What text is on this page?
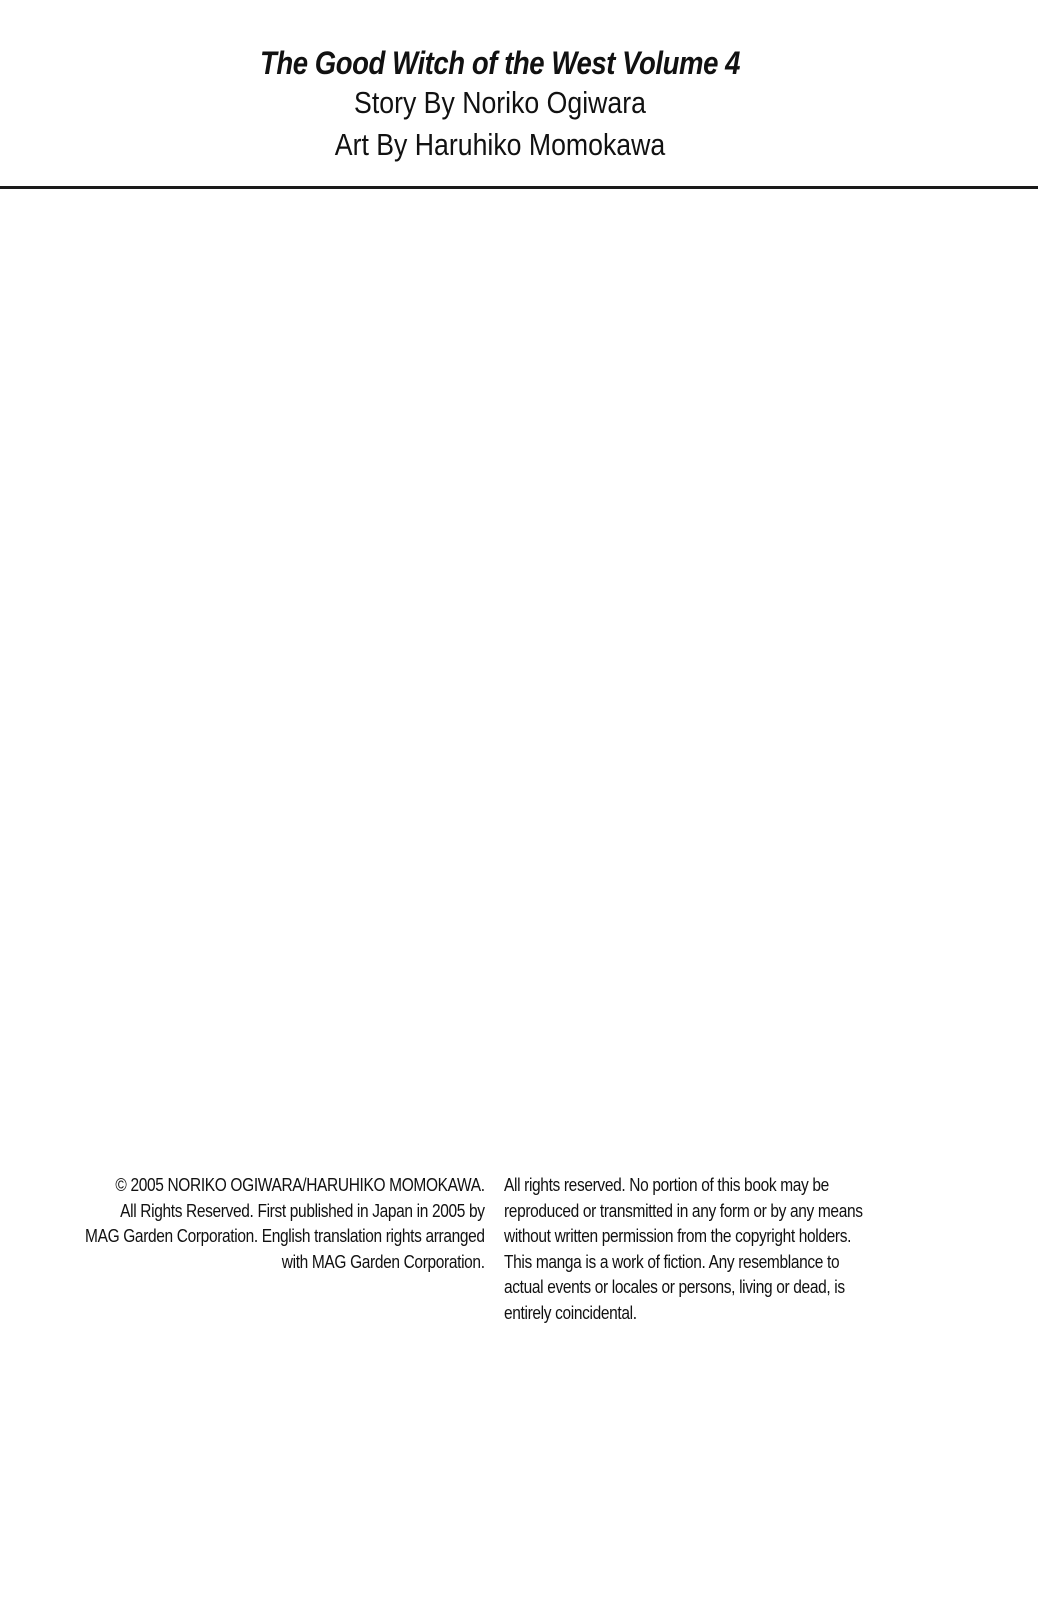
The Good Witch of the West Volume 4

Story By Noriko Ogiwara

Art By Haruhiko Momokawa

© 2005 NORIKO OGIWARA/HARUHIKO MOMOKAWA.
All Rights Reserved. First published in Japan in 2005 by
MAG Garden Corporation. English translation rights arranged
with MAG Garden Corporation.
All rights reserved. No portion of this book may be
reproduced or transmitted in any form or by any means
without written permission from the copyright holders.
This manga is a work of fiction. Any resemblance to
actual events or locales or persons, living or dead, is
entirely coincidental.
